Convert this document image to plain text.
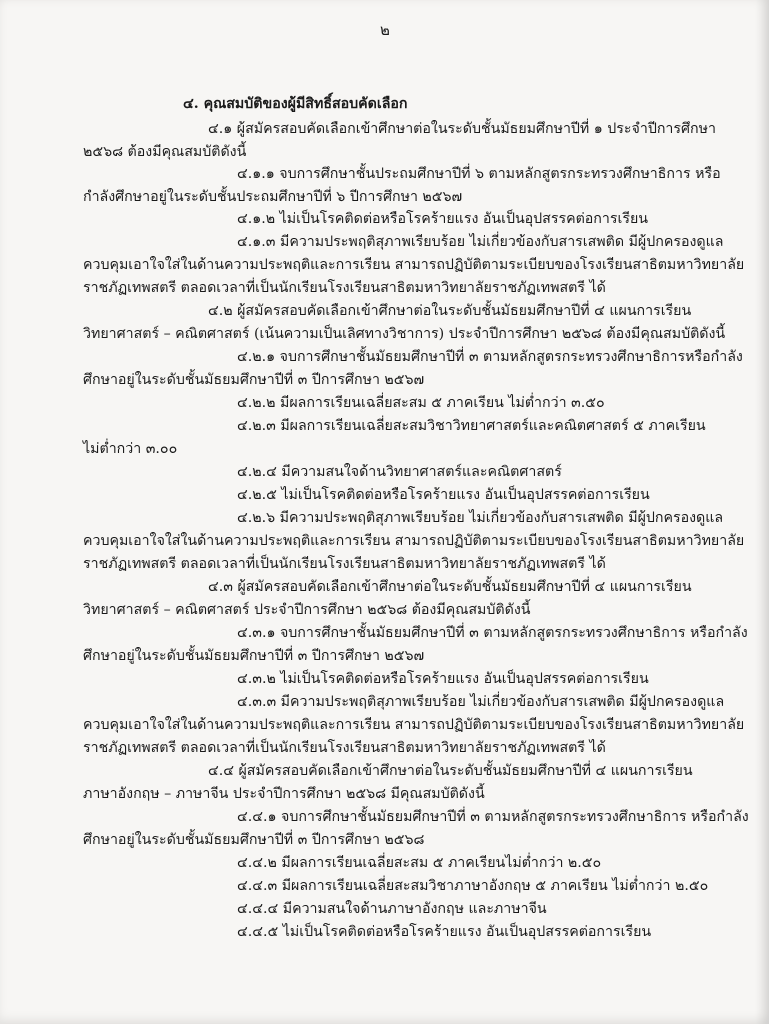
๒
๔. คุณสมบัติของผู้มีสิทธิ์สอบคัดเลือก
๔.๑ ผู้สมัครสอบคัดเลือกเข้าศึกษาต่อในระดับชั้นมัธยมศึกษาปีที่ ๑ ประจำปีการศึกษา
๒๕๖๘ ต้องมีคุณสมบัติดังนี้
๔.๑.๑ จบการศึกษาชั้นประถมศึกษาปีที่ ๖ ตามหลักสูตรกระทรวงศึกษาธิการ หรือ
กำลังศึกษาอยู่ในระดับชั้นประถมศึกษาปีที่ ๖ ปีการศึกษา ๒๕๖๗
๔.๑.๒ ไม่เป็นโรคติดต่อหรือโรคร้ายแรง อันเป็นอุปสรรคต่อการเรียน
๔.๑.๓ มีความประพฤติสุภาพเรียบร้อย ไม่เกี่ยวข้องกับสารเสพติด มีผู้ปกครองดูแล
ควบคุมเอาใจใส่ในด้านความประพฤติและการเรียน สามารถปฏิบัติตามระเบียบของโรงเรียนสาธิตมหาวิทยาลัย
ราชภัฏเทพสตรี ตลอดเวลาที่เป็นนักเรียนโรงเรียนสาธิตมหาวิทยาลัยราชภัฏเทพสตรี ได้
๔.๒ ผู้สมัครสอบคัดเลือกเข้าศึกษาต่อในระดับชั้นมัธยมศึกษาปีที่ ๔ แผนการเรียน
วิทยาศาสตร์ – คณิตศาสตร์ (เน้นความเป็นเลิศทางวิชาการ) ประจำปีการศึกษา ๒๕๖๘ ต้องมีคุณสมบัติดังนี้
๔.๒.๑ จบการศึกษาชั้นมัธยมศึกษาปีที่ ๓ ตามหลักสูตรกระทรวงศึกษาธิการหรือกำลัง
ศึกษาอยู่ในระดับชั้นมัธยมศึกษาปีที่ ๓ ปีการศึกษา ๒๕๖๗
๔.๒.๒ มีผลการเรียนเฉลี่ยสะสม ๕ ภาคเรียน ไม่ต่ำกว่า ๓.๕๐
๔.๒.๓ มีผลการเรียนเฉลี่ยสะสมวิชาวิทยาศาสตร์และคณิตศาสตร์ ๕ ภาคเรียน
ไม่ต่ำกว่า ๓.๐๐
๔.๒.๔ มีความสนใจด้านวิทยาศาสตร์และคณิตศาสตร์
๔.๒.๕ ไม่เป็นโรคติดต่อหรือโรคร้ายแรง อันเป็นอุปสรรคต่อการเรียน
๔.๒.๖ มีความประพฤติสุภาพเรียบร้อย ไม่เกี่ยวข้องกับสารเสพติด มีผู้ปกครองดูแล
ควบคุมเอาใจใส่ในด้านความประพฤติและการเรียน สามารถปฏิบัติตามระเบียบของโรงเรียนสาธิตมหาวิทยาลัย
ราชภัฏเทพสตรี ตลอดเวลาที่เป็นนักเรียนโรงเรียนสาธิตมหาวิทยาลัยราชภัฏเทพสตรี ได้
๔.๓ ผู้สมัครสอบคัดเลือกเข้าศึกษาต่อในระดับชั้นมัธยมศึกษาปีที่ ๔ แผนการเรียน
วิทยาศาสตร์ – คณิตศาสตร์ ประจำปีการศึกษา ๒๕๖๘ ต้องมีคุณสมบัติดังนี้
๔.๓.๑ จบการศึกษาชั้นมัธยมศึกษาปีที่ ๓ ตามหลักสูตรกระทรวงศึกษาธิการ หรือกำลัง
ศึกษาอยู่ในระดับชั้นมัธยมศึกษาปีที่ ๓ ปีการศึกษา ๒๕๖๗
๔.๓.๒ ไม่เป็นโรคติดต่อหรือโรคร้ายแรง อันเป็นอุปสรรคต่อการเรียน
๔.๓.๓ มีความประพฤติสุภาพเรียบร้อย ไม่เกี่ยวข้องกับสารเสพติด มีผู้ปกครองดูแล
ควบคุมเอาใจใส่ในด้านความประพฤติและการเรียน สามารถปฏิบัติตามระเบียบของโรงเรียนสาธิตมหาวิทยาลัย
ราชภัฏเทพสตรี ตลอดเวลาที่เป็นนักเรียนโรงเรียนสาธิตมหาวิทยาลัยราชภัฏเทพสตรี ได้
๔.๔ ผู้สมัครสอบคัดเลือกเข้าศึกษาต่อในระดับชั้นมัธยมศึกษาปีที่ ๔ แผนการเรียน
ภาษาอังกฤษ – ภาษาจีน ประจำปีการศึกษา ๒๕๖๘ มีคุณสมบัติดังนี้
๔.๔.๑ จบการศึกษาชั้นมัธยมศึกษาปีที่ ๓ ตามหลักสูตรกระทรวงศึกษาธิการ หรือกำลัง
ศึกษาอยู่ในระดับชั้นมัธยมศึกษาปีที่ ๓ ปีการศึกษา ๒๕๖๘
๔.๔.๒ มีผลการเรียนเฉลี่ยสะสม ๕ ภาคเรียนไม่ต่ำกว่า ๒.๕๐
๔.๔.๓ มีผลการเรียนเฉลี่ยสะสมวิชาภาษาอังกฤษ ๕ ภาคเรียน ไม่ต่ำกว่า ๒.๕๐
๔.๔.๔ มีความสนใจด้านภาษาอังกฤษ และภาษาจีน
๔.๔.๕ ไม่เป็นโรคติดต่อหรือโรคร้ายแรง อันเป็นอุปสรรคต่อการเรียน
